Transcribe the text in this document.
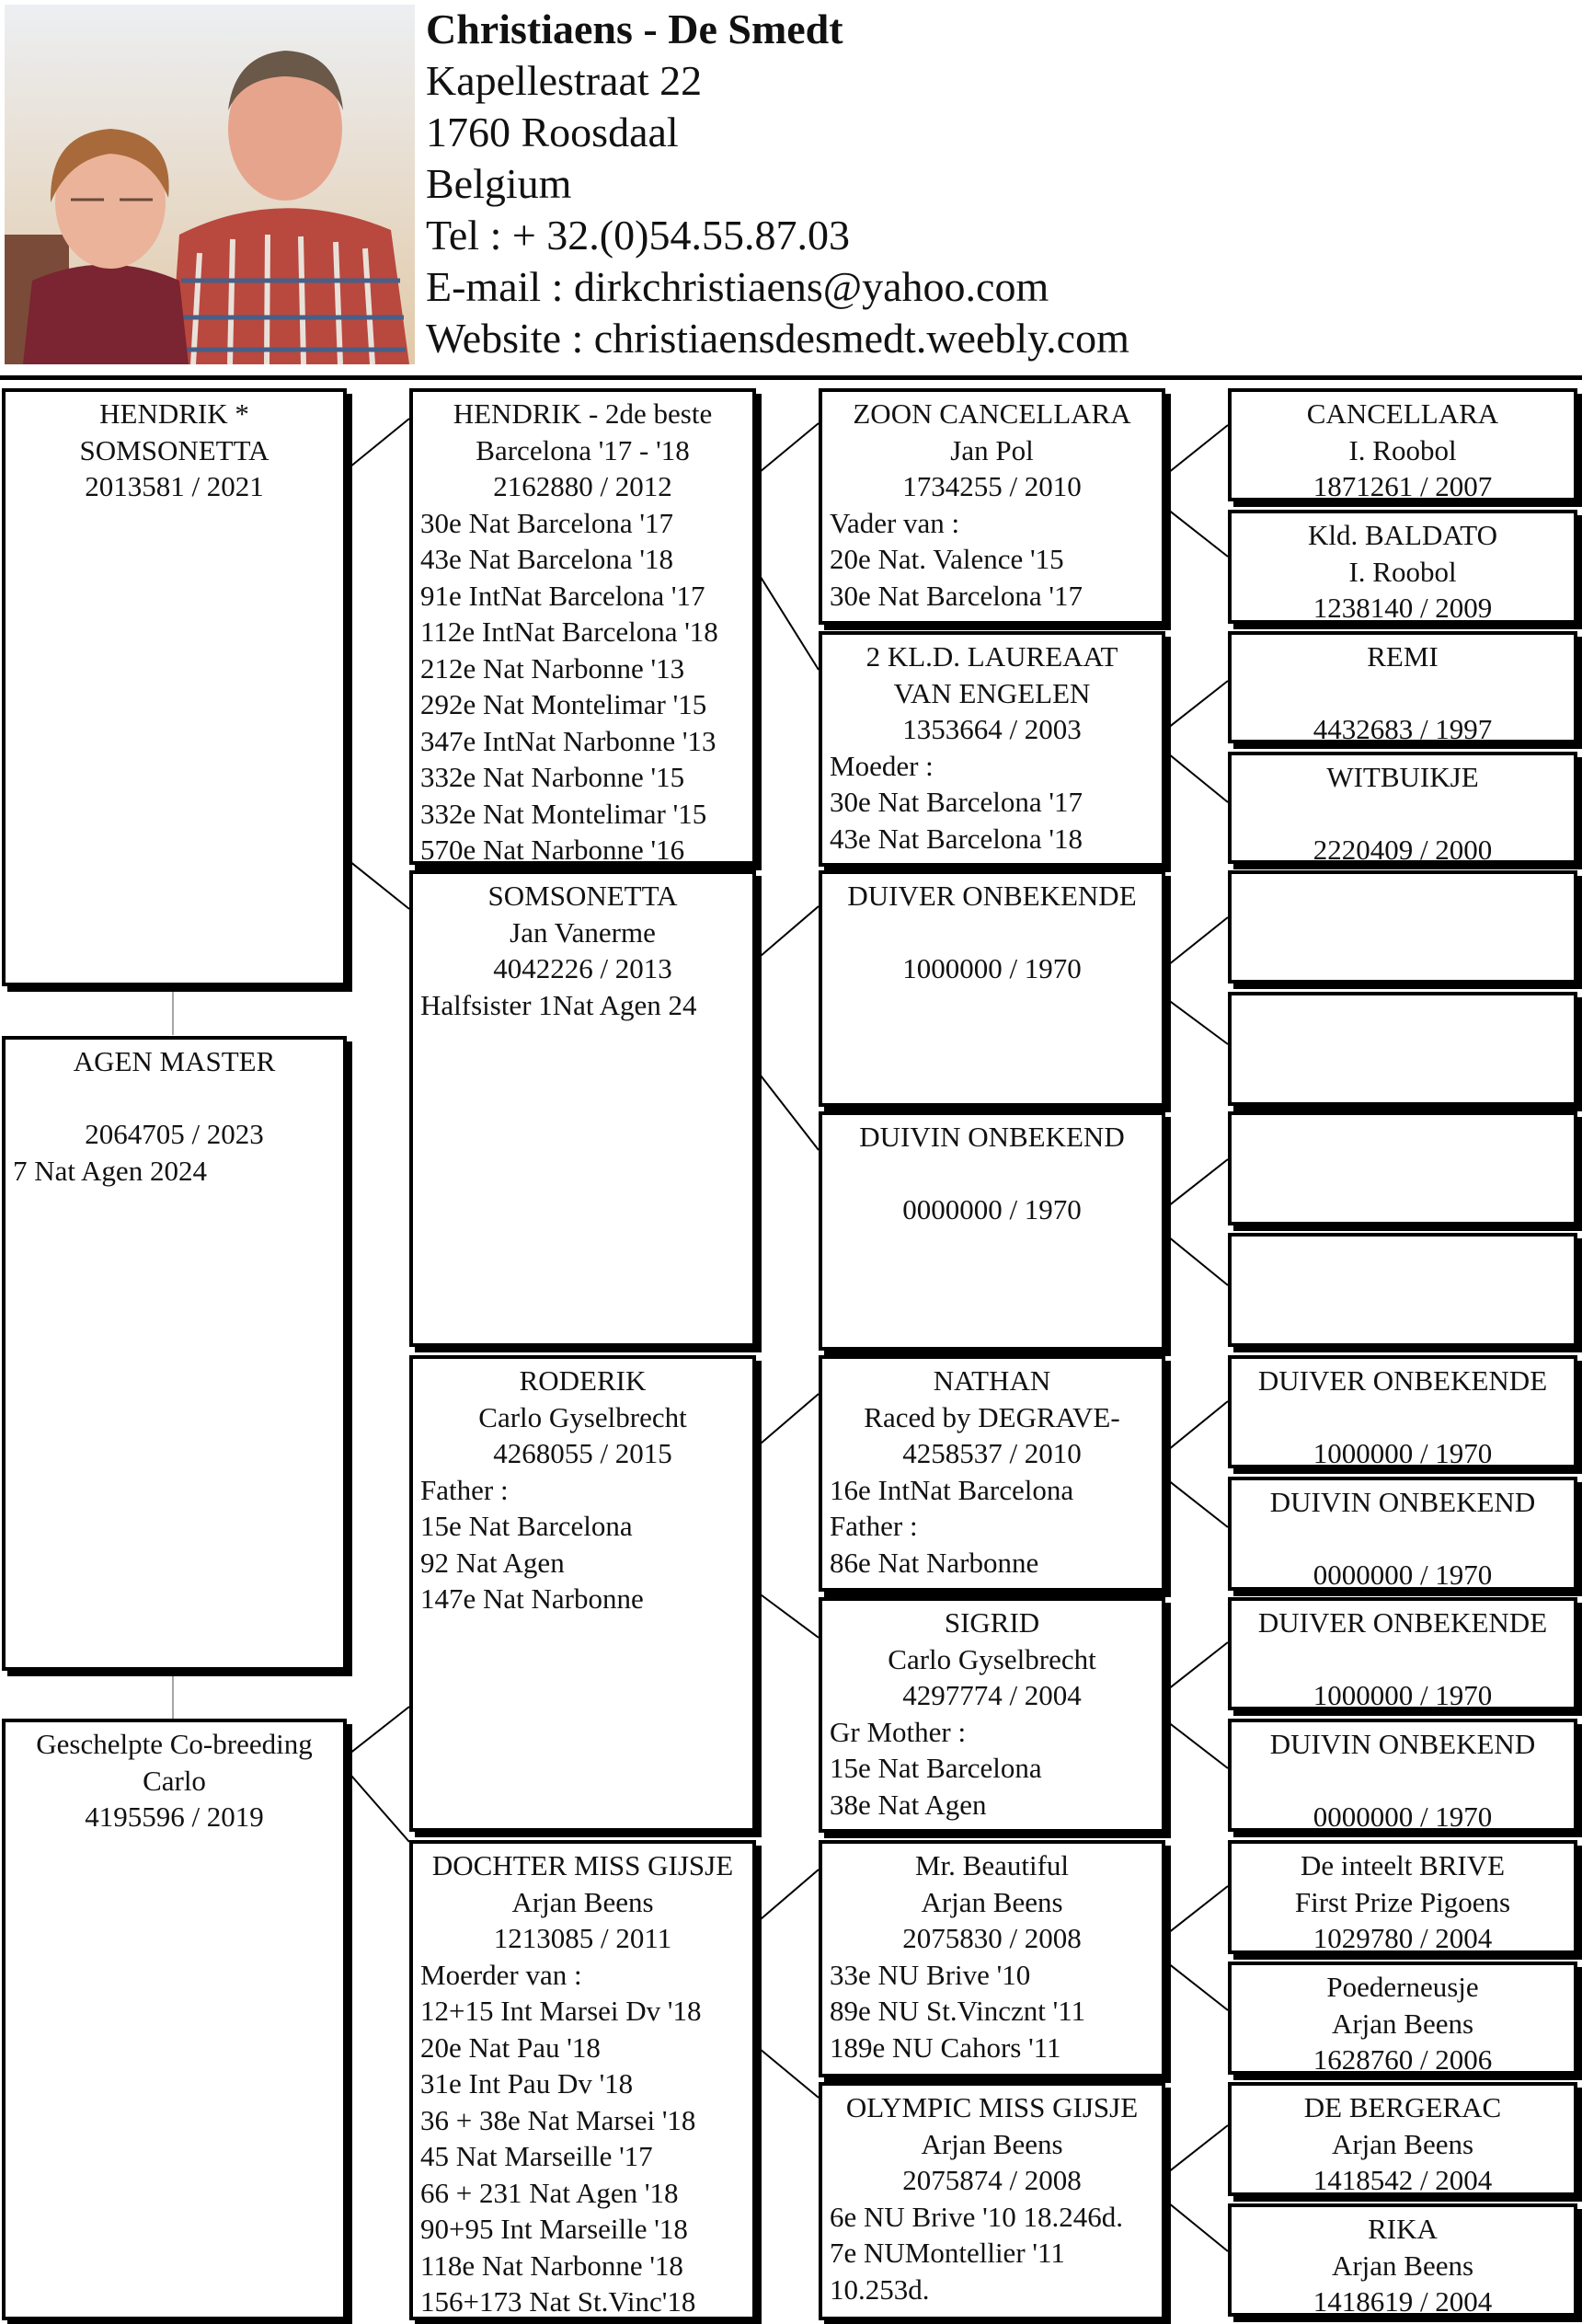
Christiaens - De Smedt
Kapellestraat 22
1760 Roosdaal
Belgium
Tel : + 32.(0)54.55.87.03
E-mail : dirkchristiaens@yahoo.com
Website : christiaensdesmedt.weebly.com
HENDRIK *
SOMSONETTA
2013581 / 2021
AGEN MASTER
2064705 / 2023
7 Nat Agen 2024
Geschelpte Co-breeding
Carlo
4195596 / 2019
HENDRIK - 2de beste
Barcelona '17 - '18
2162880 / 2012
30e Nat Barcelona '17
43e Nat Barcelona '18
91e IntNat Barcelona '17
112e IntNat Barcelona '18
212e Nat Narbonne '13
292e Nat Montelimar '15
347e IntNat Narbonne '13
332e Nat Narbonne '15
332e Nat Montelimar '15
570e Nat Narbonne '16
SOMSONETTA
Jan Vanerme
4042226 / 2013
Halfsister 1Nat Agen 24
RODERIK
Carlo Gyselbrecht
4268055 / 2015
Father :
15e Nat Barcelona
92 Nat Agen
147e Nat Narbonne
DOCHTER MISS GIJSJE
Arjan Beens
1213085 / 2011
Moerder van :
12+15 Int Marsei Dv '18
20e Nat Pau '18
31e Int Pau Dv '18
36 + 38e Nat Marsei '18
45 Nat Marseille '17
66 + 231 Nat Agen '18
90+95 Int Marseille '18
118e Nat Narbonne '18
156+173 Nat St.Vinc'18
ZOON CANCELLARA
Jan Pol
1734255 / 2010
Vader van :
20e Nat. Valence '15
30e Nat Barcelona '17
2 KL.D. LAUREAAT
VAN ENGELEN
1353664 / 2003
Moeder :
30e Nat Barcelona '17
43e Nat Barcelona '18
DUIVER ONBEKENDE
1000000 / 1970
DUIVIN ONBEKEND
0000000 / 1970
NATHAN
Raced by DEGRAVE-
4258537 / 2010
16e IntNat Barcelona
Father :
86e Nat Narbonne
SIGRID
Carlo Gyselbrecht
4297774 / 2004
Gr Mother :
15e Nat Barcelona
38e Nat Agen
Mr. Beautiful
Arjan Beens
2075830 / 2008
33e NU Brive '10
89e NU St.Vincznt '11
189e NU Cahors '11
OLYMPIC MISS GIJSJE
Arjan Beens
2075874 / 2008
6e NU Brive '10 18.246d.
7e NUMontellier '11
10.253d.
CANCELLARA
I. Roobol
1871261 / 2007
Kld. BALDATO
I. Roobol
1238140 / 2009
REMI
4432683 / 1997
WITBUIKJE
2220409 / 2000
DUIVER ONBEKENDE
1000000 / 1970
DUIVIN ONBEKEND
0000000 / 1970
DUIVER ONBEKENDE
1000000 / 1970
DUIVIN ONBEKEND
0000000 / 1970
De inteelt BRIVE
First Prize Pigoens
1029780 / 2004
Poederneusje
Arjan Beens
1628760 / 2006
DE BERGERAC
Arjan Beens
1418542 / 2004
RIKA
Arjan Beens
1418619 / 2004
